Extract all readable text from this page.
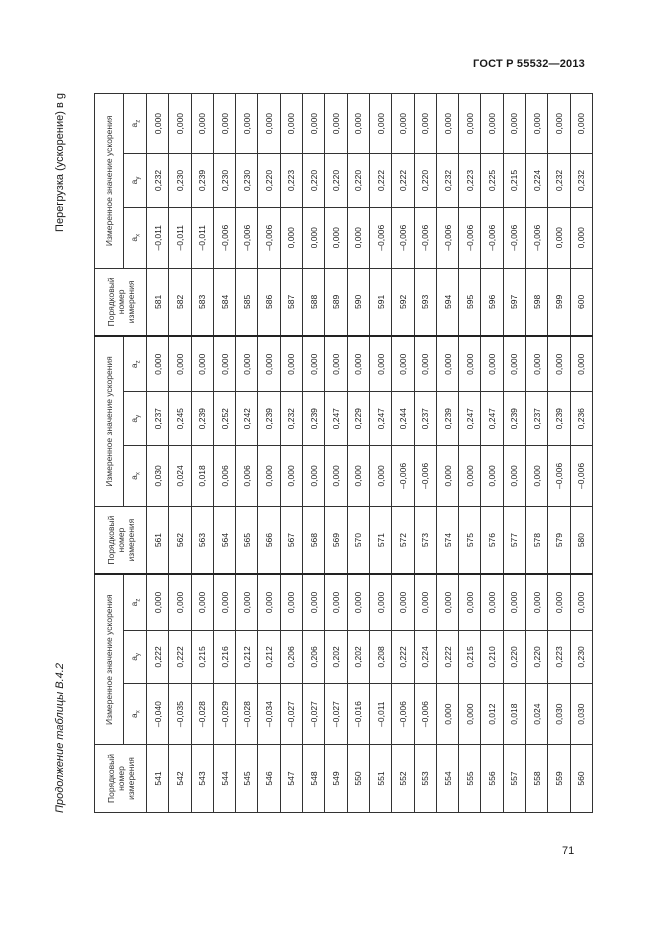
ГОСТ Р 55532—2013
Продолжение таблицы В.4.2
Перегрузка (ускорение) в g
Порядковый номер измерения	Измеренное значение ускорения			Порядковый номер измерения	Измеренное значение ускорения			Порядковый номер измерения	Измеренное значение ускорения		
	$a_x$	$a_y$	$a_z$		$a_x$	$a_y$	$a_z$		$a_x$	$a_y$	$a_z$
541	–0,040	0,222	0,000	561	0,030	0,237	0,000	581	–0,011	0,232	0,000
542	–0,035	0,222	0,000	562	0,024	0,245	0,000	582	–0,011	0,230	0,000
543	–0,028	0,215	0,000	563	0,018	0,239	0,000	583	–0,011	0,239	0,000
544	–0,029	0,216	0,000	564	0,006	0,252	0,000	584	–0,006	0,230	0,000
545	–0,028	0,212	0,000	565	0,006	0,242	0,000	585	–0,006	0,230	0,000
546	–0,034	0,212	0,000	566	0,000	0,239	0,000	586	–0,006	0,220	0,000
547	–0,027	0,206	0,000	567	0,000	0,232	0,000	587	0,000	0,223	0,000
548	–0,027	0,206	0,000	568	0,000	0,239	0,000	588	0,000	0,220	0,000
549	–0,027	0,202	0,000	569	0,000	0,247	0,000	589	0,000	0,220	0,000
550	–0,016	0,202	0,000	570	0,000	0,229	0,000	590	0,000	0,220	0,000
551	–0,011	0,208	0,000	571	0,000	0,247	0,000	591	–0,006	0,222	0,000
552	–0,006	0,222	0,000	572	–0,006	0,244	0,000	592	–0,006	0,222	0,000
553	–0,006	0,224	0,000	573	–0,006	0,237	0,000	593	–0,006	0,220	0,000
554	0,000	0,222	0,000	574	0,000	0,239	0,000	594	–0,006	0,232	0,000
555	0,000	0,215	0,000	575	0,000	0,247	0,000	595	–0,006	0,223	0,000
556	0,012	0,210	0,000	576	0,000	0,247	0,000	596	–0,006	0,225	0,000
557	0,018	0,220	0,000	577	0,000	0,239	0,000	597	–0,006	0,215	0,000
558	0,024	0,220	0,000	578	0,000	0,237	0,000	598	–0,006	0,224	0,000
559	0,030	0,223	0,000	579	–0,006	0,239	0,000	599	0,000	0,232	0,000
560	0,030	0,230	0,000	580	–0,006	0,236	0,000	600	0,000	0,232	0,000
71
